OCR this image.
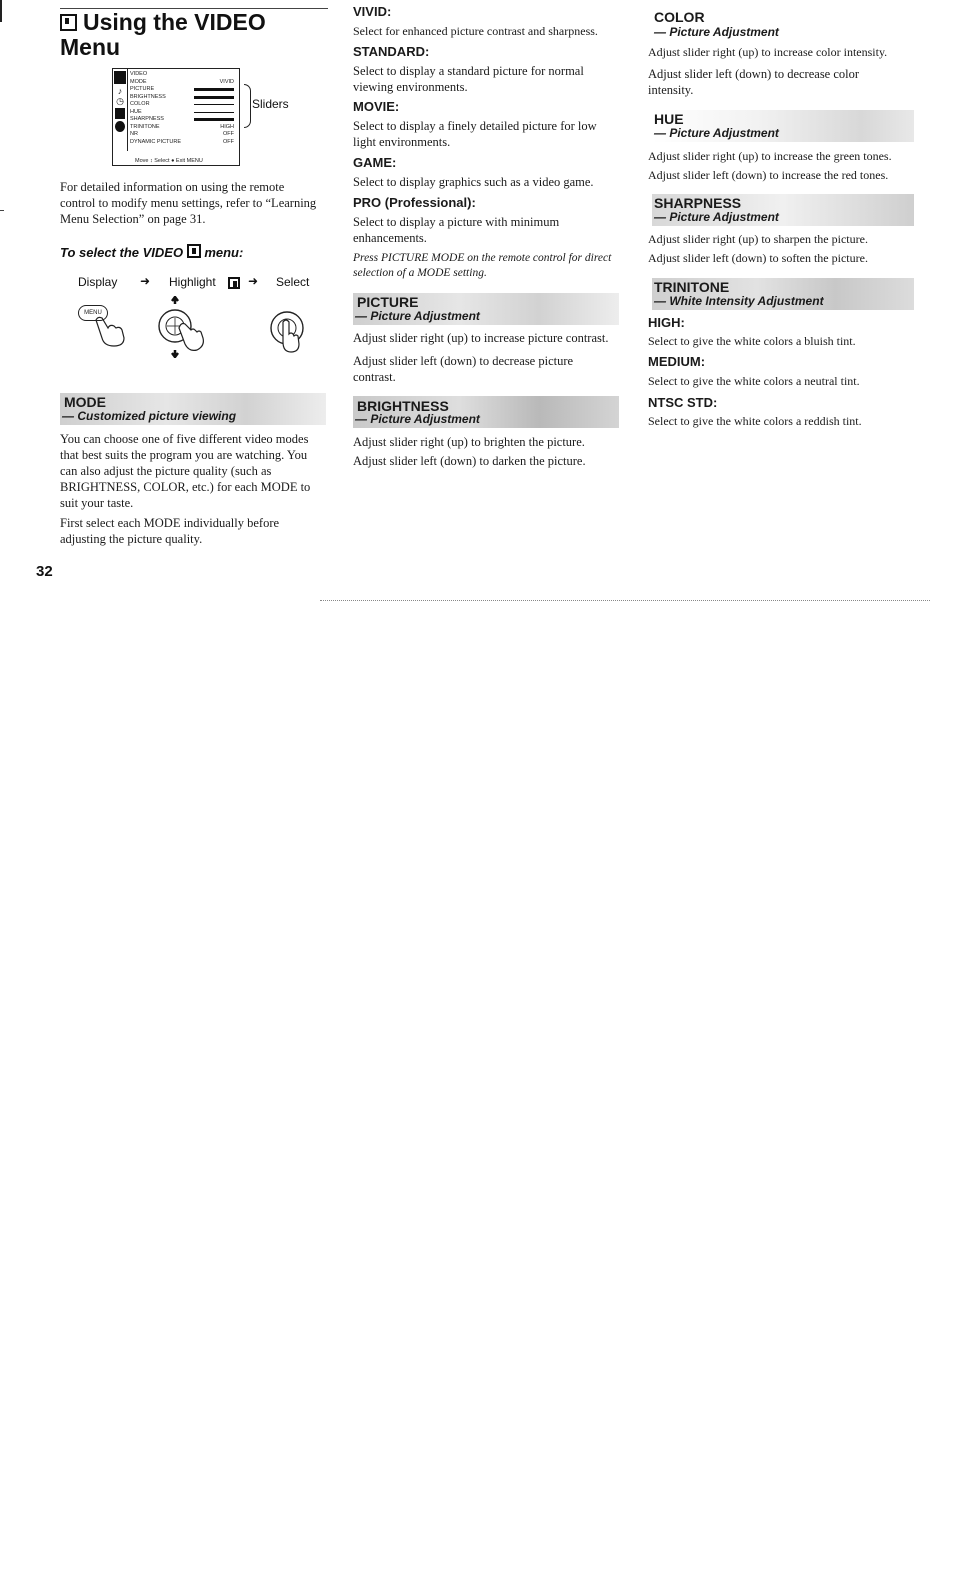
Using the VIDEO
Menu
♪
◷
VIDEO
MODE	VIVID
PICTURE
BRIGHTNESS
COLOR
HUE
SHARPNESS
TRINITONE	HIGH
NR	OFF
DYNAMIC PICTURE	OFF
Move ↕ Select ● Exit MENU
Sliders

For detailed information on using the remote control to modify menu settings, refer to “Learning Menu Selection” on page 31.

To select the VIDEO menu:
Display ➜ Highlight	➜ Select
MENU
MODE
— Customized picture viewing

You can choose one of five different video modes that best suits the program you are watching. You can also adjust the picture quality (such as BRIGHTNESS, COLOR, etc.) for each MODE to suit your taste.

First select each MODE individually before adjusting the picture quality.

32
VIVID:

Select for enhanced picture contrast and sharpness.

STANDARD:

Select to display a standard picture for normal viewing environments.

MOVIE:

Select to display a finely detailed picture for low light environments.

GAME:

Select to display graphics such as a video game.

PRO (Professional):

Select to display a picture with minimum enhancements.

Press PICTURE MODE on the remote control for direct selection of a MODE setting.

PICTURE
— Picture Adjustment

Adjust slider right (up) to increase picture contrast.

Adjust slider left (down) to decrease picture contrast.

BRIGHTNESS
— Picture Adjustment

Adjust slider right (up) to brighten the picture.

Adjust slider left (down) to darken the picture.

COLOR
— Picture Adjustment

Adjust slider right (up) to increase color intensity.

Adjust slider left (down) to decrease color intensity.

HUE
— Picture Adjustment

Adjust slider right (up) to increase the green tones.

Adjust slider left (down) to increase the red tones.

SHARPNESS
— Picture Adjustment

Adjust slider right (up) to sharpen the picture.

Adjust slider left (down) to soften the picture.

TRINITONE
— White Intensity Adjustment
HIGH:

Select to give the white colors a bluish tint.

MEDIUM:

Select to give the white colors a neutral tint.

NTSC STD:

Select to give the white colors a reddish tint.
